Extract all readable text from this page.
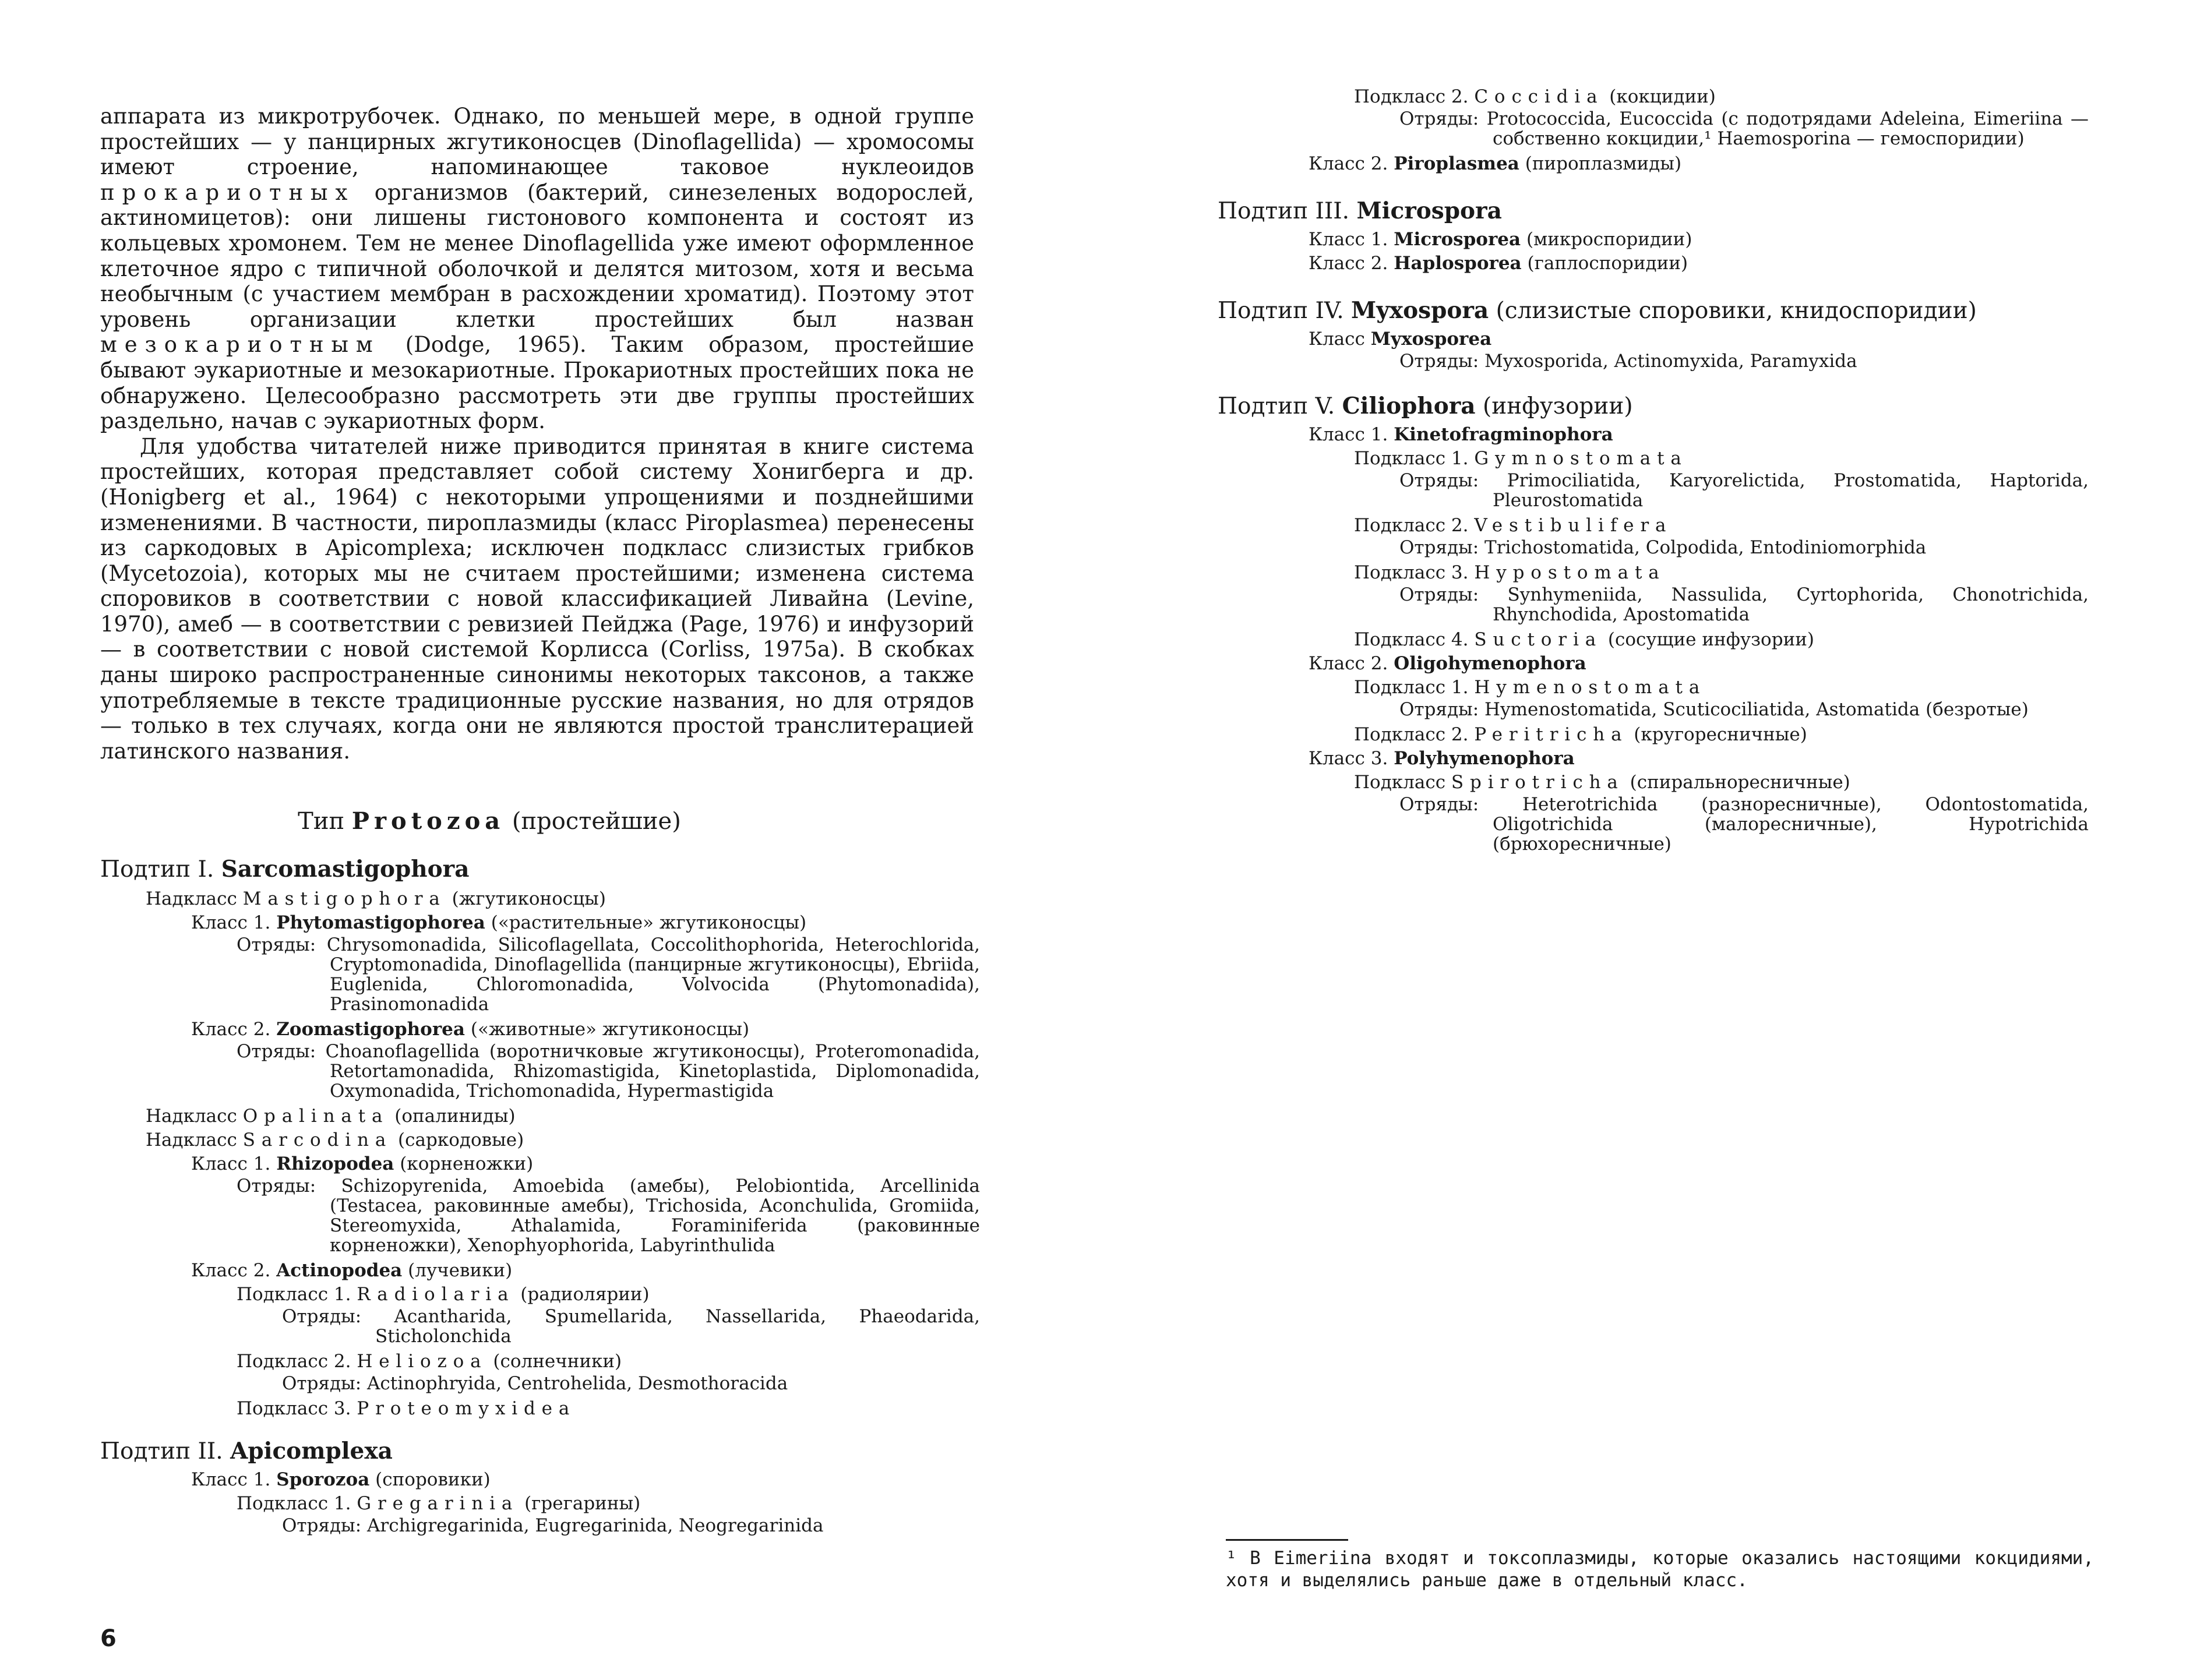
аппарата из микротрубочек. Однако, по меньшей мере, в одной группе простейших — у панцирных жгутиконосцев (Dinoflagellida) — хромосомы имеют строение, напоминающее таковое нуклеоидов прокариотных организмов (бактерий, синезеленых водорослей, актиномицетов): они лишены гистонового компонента и состоят из кольцевых хромонем. Тем не менее Dinoflagellida уже имеют оформленное клеточное ядро с типичной оболочкой и делятся митозом, хотя и весьма необычным (с участием мембран в расхождении хроматид). Поэтому этот уровень организации клетки простейших был назван мезокариотным (Dodge, 1965). Таким образом, простейшие бывают эукариотные и мезокариотные. Прокариотных простейших пока не обнаружено. Целесообразно рассмотреть эти две группы простейших раздельно, начав с эукариотных форм.

Для удобства читателей ниже приводится принятая в книге система простейших, которая представляет собой систему Хонигберга и др. (Honigberg et al., 1964) с некоторыми упрощениями и позднейшими изменениями. В частности, пироплазмиды (класс Piroplasmea) перенесены из саркодовых в Apicomplexa; исключен подкласс слизистых грибков (Mycetozoia), которых мы не считаем простейшими; изменена система споровиков в соответствии с новой классификацией Ливайна (Levine, 1970), амеб — в соответствии с ревизией Пейджа (Page, 1976) и инфузорий — в соответствии с новой системой Корлисса (Corliss, 1975a). В скобках даны широко распространенные синонимы некоторых таксонов, а также употребляемые в тексте традиционные русские названия, но для отрядов — только в тех случаях, когда они не являются простой транслитерацией латинского названия.

Тип Protozoa (простейшие)

Подтип I. Sarcomastigophora
Надкласс Mastigophora (жгутиконосцы)
Класс 1. Phytomastigophorea («растительные» жгутиконосцы)
Отряды: Chrysomonadida, Silicoflagellata, Coccolithophorida, Heterochlorida, Cryptomonadida, Dinoflagellida (панцирные жгутиконосцы), Ebriida, Euglenida, Chloromonadida, Volvocida (Phytomonadida), Prasinomonadida
Класс 2. Zoomastigophorea («животные» жгутиконосцы)
Отряды: Choanoflagellida (воротничковые жгутиконосцы), Proteromonadida, Retortamonadida, Rhizomastigida, Kinetoplastida, Diplomonadida, Oxymonadida, Trichomonadida, Hypermastigida
Надкласс Opalinata (опалиниды)
Надкласс Sarcodina (саркодовые)
Класс 1. Rhizopodea (корненожки)
Отряды: Schizopyrenida, Amoebida (амебы), Pelobiontida, Arcellinida (Testacea, раковинные амебы), Trichosida, Aconchulida, Gromiida, Stereomyxida, Athalamida, Foraminiferida (раковинные корненожки), Xenophyophorida, Labyrinthulida
Класс 2. Actinopodea (лучевики)
Подкласс 1. Radiolaria (радиолярии)
Отряды: Acantharida, Spumellarida, Nassellarida, Phaeodarida, Sticholonchida
Подкласс 2. Heliozoa (солнечники)
Отряды: Actinophryida, Centrohelida, Desmothoracida
Подкласс 3. Proteomyxidea
Подтип II. Apicomplexa
Класс 1. Sporozoa (споровики)
Подкласс 1. Gregarinia (грегарины)
Отряды: Archigregarinida, Eugregarinida, Neogregarinida
6
Подкласс 2. Coccidia (кокцидии)
Отряды: Protococcida, Eucoccida (с подотрядами Adeleina, Eimeriina — собственно кокцидии,¹ Haemosporina — гемоспоридии)
Класс 2. Piroplasmea (пироплазмиды)
Подтип III. Microspora
Класс 1. Microsporea (микроспоридии)
Класс 2. Haplosporea (гаплоспоридии)
Подтип IV. Myxospora (слизистые споровики, книдоспоридии)
Класс Myxosporea
Отряды: Myxosporida, Actinomyxida, Paramyxida
Подтип V. Ciliophora (инфузории)
Класс 1. Kinetofragminophora
Подкласс 1. Gymnostomata
Отряды: Primociliatida, Karyorelictida, Prostomatida, Haptorida, Pleurostomatida
Подкласс 2. Vestibulifera
Отряды: Trichostomatida, Colpodida, Entodiniomorphida
Подкласс 3. Hypostomata
Отряды: Synhymeniida, Nassulida, Cyrtophorida, Chonotrichida, Rhynchodida, Apostomatida
Подкласс 4. Suctoria (сосущие инфузории)
Класс 2. Oligohymenophora
Подкласс 1. Hymenostomata
Отряды: Hymenostomatida, Scuticociliatida, Astomatida (безротые)
Подкласс 2. Peritricha (кругоресничные)
Класс 3. Polyhymenophora
Подкласс Spirotricha (спиральноресничные)
Отряды: Heterotrichida (разноресничные), Odontostomatida, Oligotrichida (малоресничные), Hypotrichida (брюхоресничные)
¹ В Eimeriina входят и токсоплазмиды, которые оказались настоящими кокцидиями, хотя и выделялись раньше даже в отдельный класс.
